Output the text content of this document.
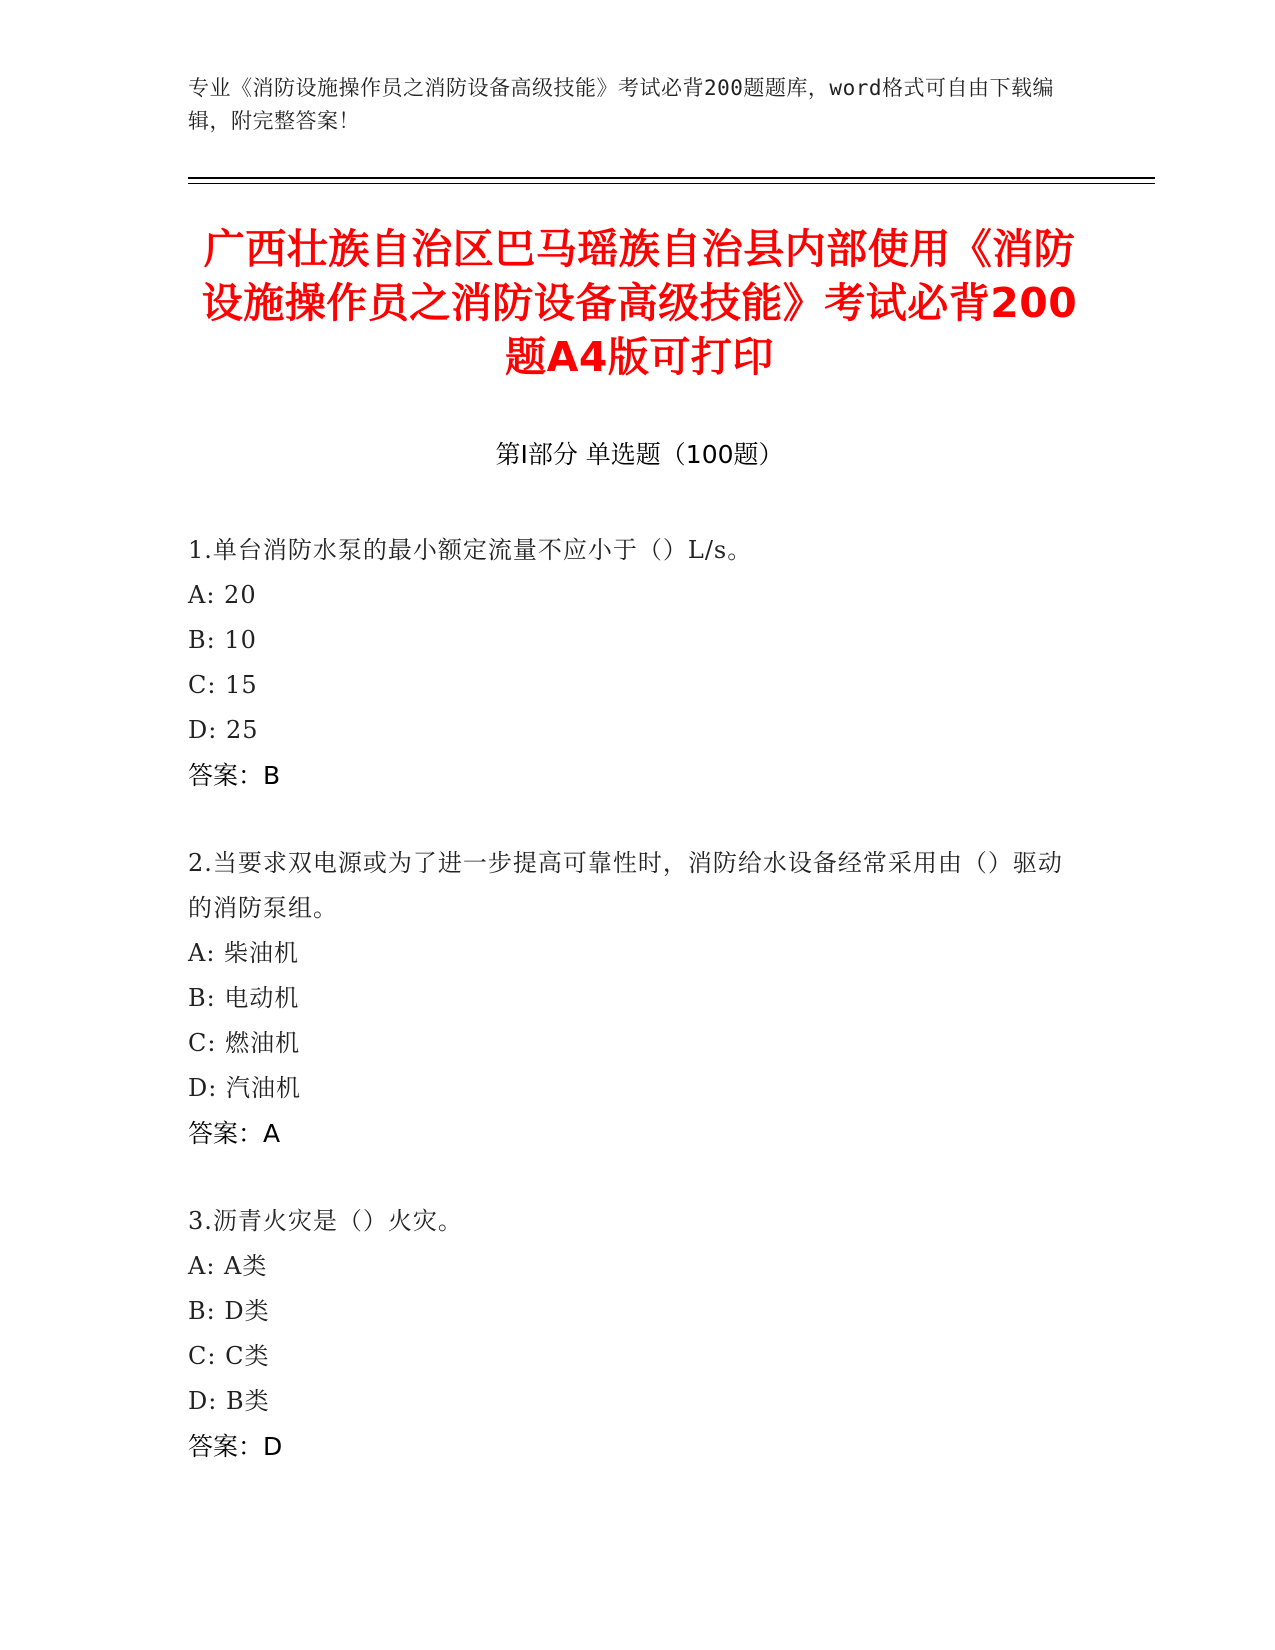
专业《消防设施操作员之消防设备高级技能》考试必背200题题库，word格式可自由下载编辑，附完整答案！
广西壮族自治区巴马瑶族自治县内部使用《消防设施操作员之消防设备高级技能》考试必背200题A4版可打印
第Ⅰ部分 单选题（100题）
1.单台消防水泵的最小额定流量不应小于（）L/s。
A: 20
B: 10
C: 15
D: 25
答案：B
2.当要求双电源或为了进一步提高可靠性时，消防给水设备经常采用由（）驱动的消防泵组。
A: 柴油机
B: 电动机
C: 燃油机
D: 汽油机
答案：A
3.沥青火灾是（）火灾。
A: A类
B: D类
C: C类
D: B类
答案：D
